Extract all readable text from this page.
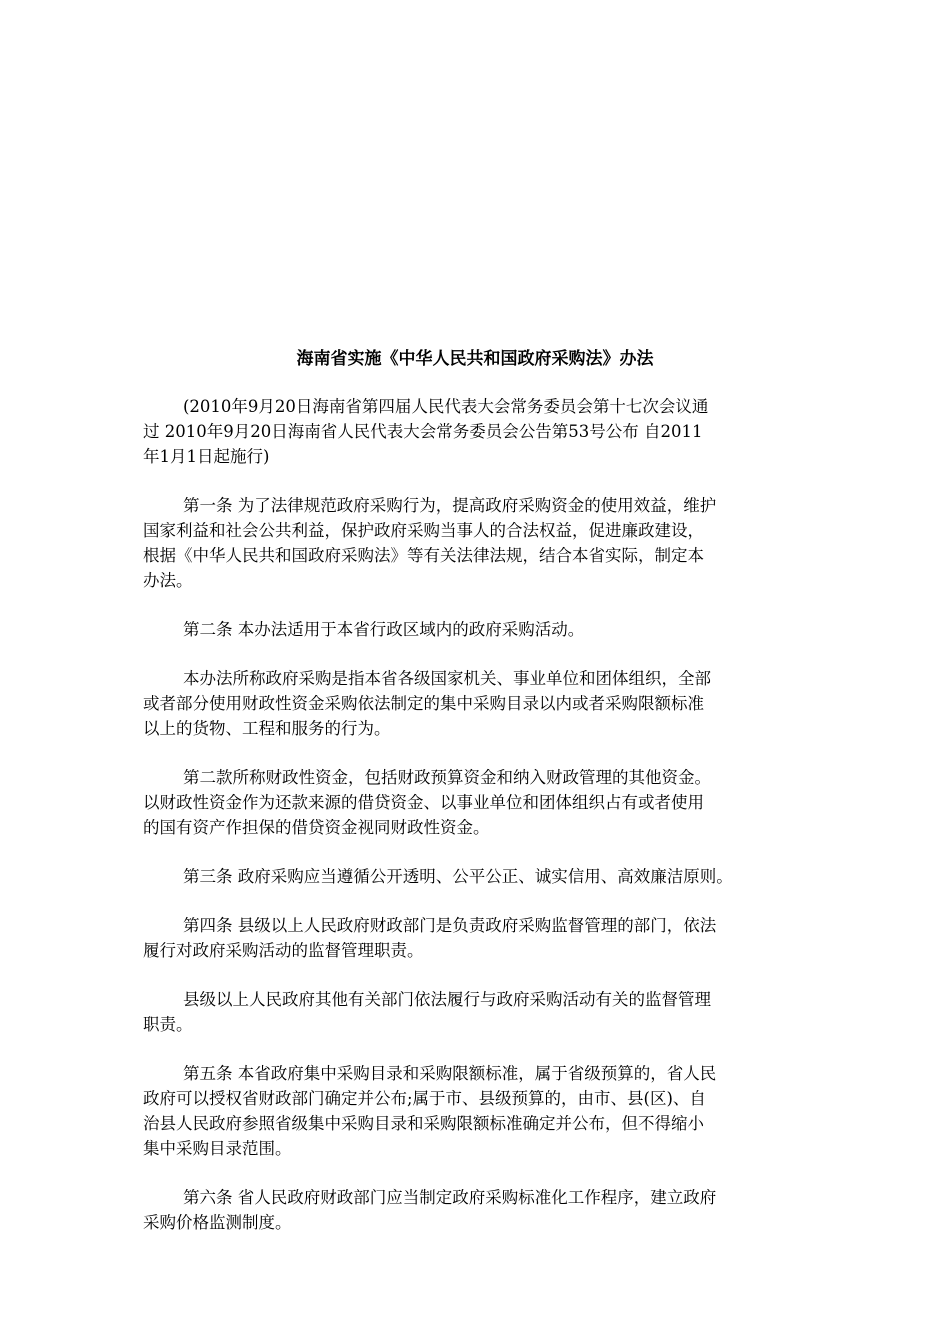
海南省实施《中华人民共和国政府采购法》办法

(2010年9月20日海南省第四届人民代表大会常务委员会第十七次会议通
过 2010年9月20日海南省人民代表大会常务委员会公告第53号公布 自2011
年1月1日起施行)

第一条 为了法律规范政府采购行为，提高政府采购资金的使用效益，维护
国家利益和社会公共利益，保护政府采购当事人的合法权益，促进廉政建设，
根据《中华人民共和国政府采购法》等有关法律法规，结合本省实际，制定本
办法。

第二条 本办法适用于本省行政区域内的政府采购活动。

本办法所称政府采购是指本省各级国家机关、事业单位和团体组织，全部
或者部分使用财政性资金采购依法制定的集中采购目录以内或者采购限额标准
以上的货物、工程和服务的行为。

第二款所称财政性资金，包括财政预算资金和纳入财政管理的其他资金。
以财政性资金作为还款来源的借贷资金、以事业单位和团体组织占有或者使用
的国有资产作担保的借贷资金视同财政性资金。

第三条 政府采购应当遵循公开透明、公平公正、诚实信用、高效廉洁原则。

第四条 县级以上人民政府财政部门是负责政府采购监督管理的部门，依法
履行对政府采购活动的监督管理职责。

县级以上人民政府其他有关部门依法履行与政府采购活动有关的监督管理
职责。

第五条 本省政府集中采购目录和采购限额标准，属于省级预算的，省人民
政府可以授权省财政部门确定并公布;属于市、县级预算的，由市、县(区)、自
治县人民政府参照省级集中采购目录和采购限额标准确定并公布，但不得缩小
集中采购目录范围。

第六条 省人民政府财政部门应当制定政府采购标准化工作程序，建立政府
采购价格监测制度。
